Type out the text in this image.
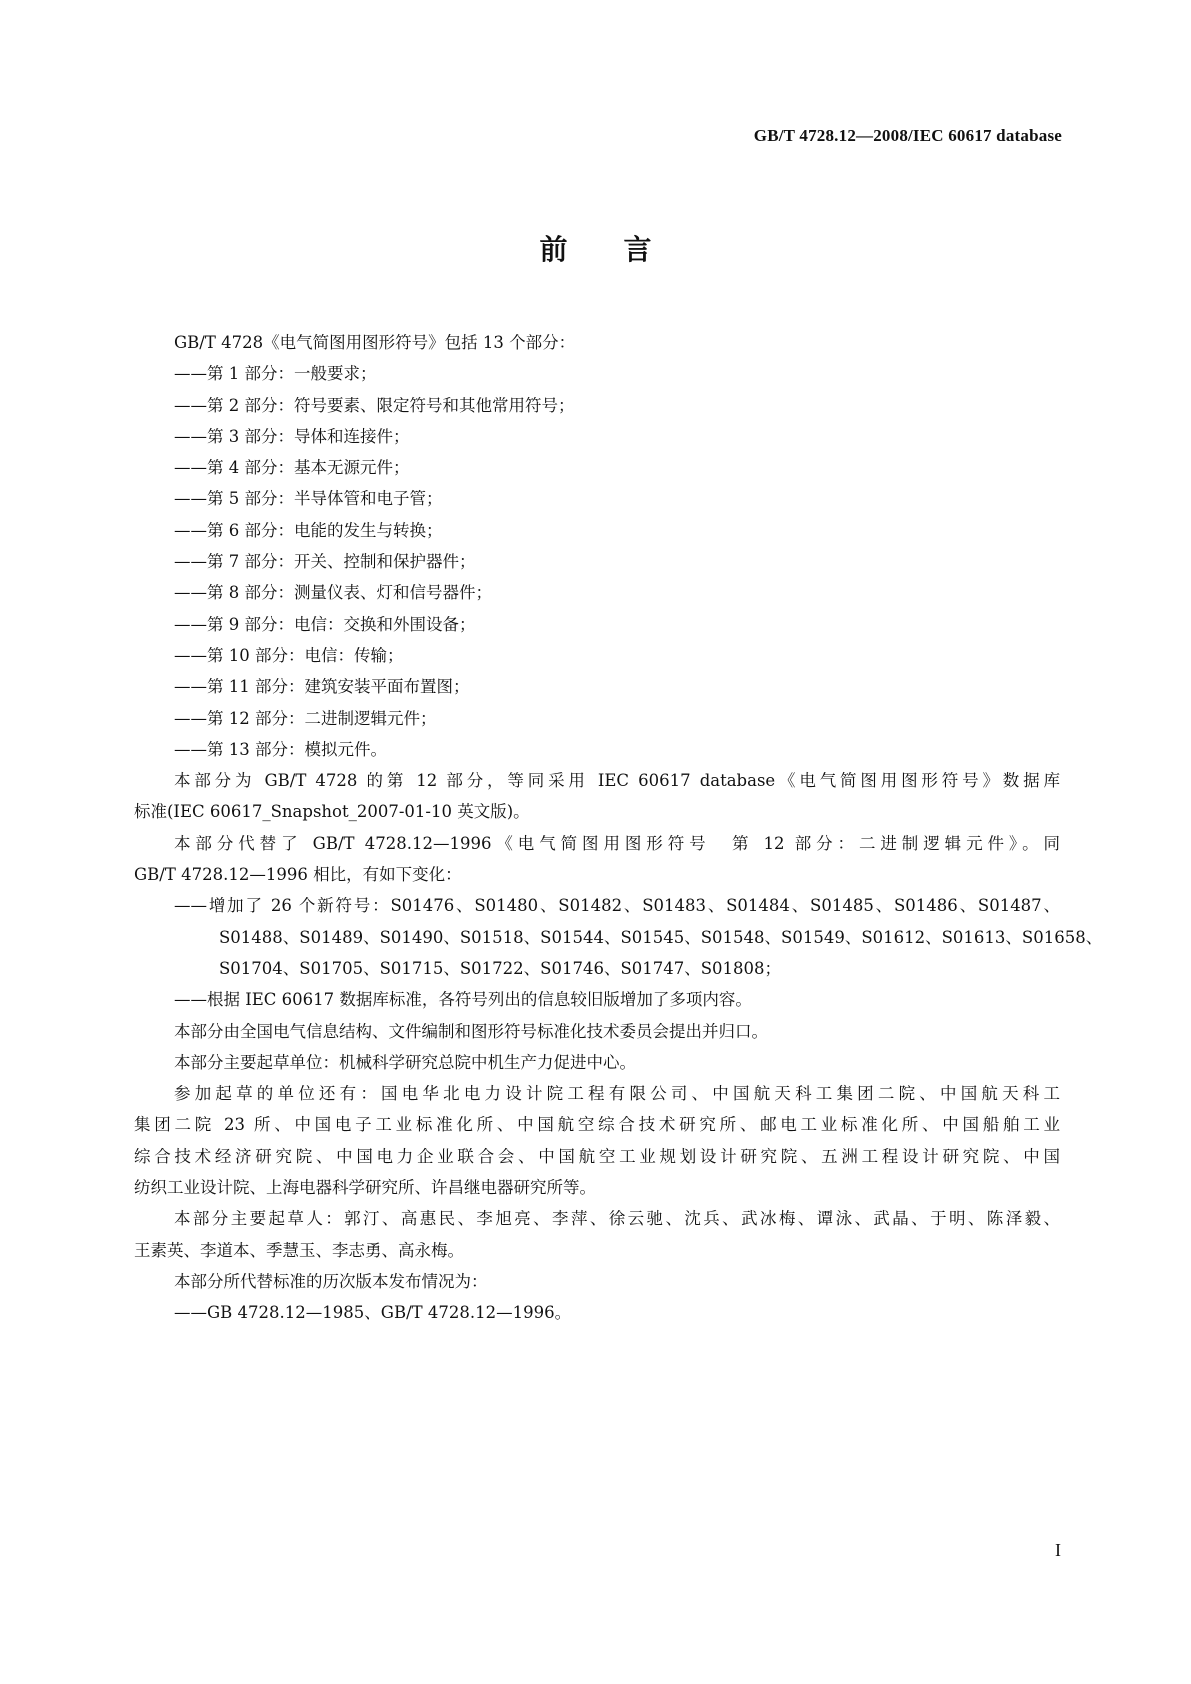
GB/T 4728.12—2008/IEC 60617 database
前言
GB/T 4728《电气简图用图形符号》包括 13 个部分：
——第 1 部分：一般要求；
——第 2 部分：符号要素、限定符号和其他常用符号；
——第 3 部分：导体和连接件；
——第 4 部分：基本无源元件；
——第 5 部分：半导体管和电子管；
——第 6 部分：电能的发生与转换；
——第 7 部分：开关、控制和保护器件；
——第 8 部分：测量仪表、灯和信号器件；
——第 9 部分：电信：交换和外围设备；
——第 10 部分：电信：传输；
——第 11 部分：建筑安装平面布置图；
——第 12 部分：二进制逻辑元件；
——第 13 部分：模拟元件。
本部分为 GB/T 4728 的第 12 部分，等同采用 IEC 60617 database《电气简图用图形符号》数据库
标准(IEC 60617_Snapshot_2007-01-10 英文版)。
本部分代替了 GB/T 4728.12—1996《电气简图用图形符号　第 12 部分：二进制逻辑元件》。同
GB/T 4728.12—1996 相比，有如下变化：
——增加了 26 个新符号：S01476、S01480、S01482、S01483、S01484、S01485、S01486、S01487、
S01488、S01489、S01490、S01518、S01544、S01545、S01548、S01549、S01612、S01613、S01658、
S01704、S01705、S01715、S01722、S01746、S01747、S01808；
——根据 IEC 60617 数据库标准，各符号列出的信息较旧版增加了多项内容。
本部分由全国电气信息结构、文件编制和图形符号标准化技术委员会提出并归口。
本部分主要起草单位：机械科学研究总院中机生产力促进中心。
参加起草的单位还有：国电华北电力设计院工程有限公司、中国航天科工集团二院、中国航天科工
集团二院 23 所、中国电子工业标准化所、中国航空综合技术研究所、邮电工业标准化所、中国船舶工业
综合技术经济研究院、中国电力企业联合会、中国航空工业规划设计研究院、五洲工程设计研究院、中国
纺织工业设计院、上海电器科学研究所、许昌继电器研究所等。
本部分主要起草人：郭汀、高惠民、李旭亮、李萍、徐云驰、沈兵、武冰梅、谭泳、武晶、于明、陈泽毅、
王素英、李道本、季慧玉、李志勇、高永梅。
本部分所代替标准的历次版本发布情况为：
——GB 4728.12—1985、GB/T 4728.12—1996。
I
